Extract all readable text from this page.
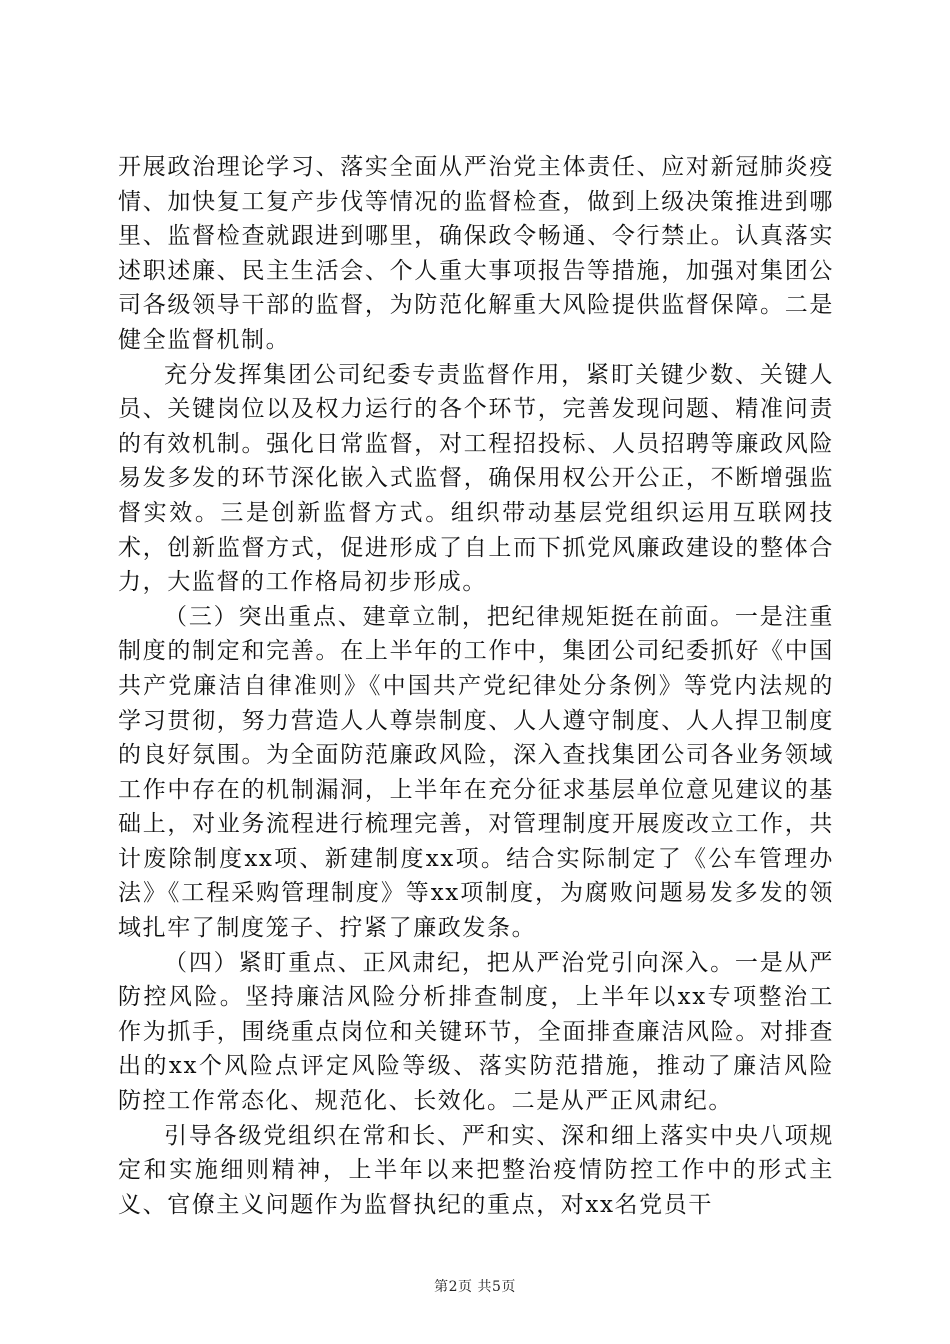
开展政治理论学习、落实全面从严治党主体责任、应对新冠肺炎疫情、加快复工复产步伐等情况的监督检查，做到上级决策推进到哪里、监督检查就跟进到哪里，确保政令畅通、令行禁止。认真落实述职述廉、民主生活会、个人重大事项报告等措施，加强对集团公司各级领导干部的监督，为防范化解重大风险提供监督保障。二是健全监督机制。

充分发挥集团公司纪委专责监督作用，紧盯关键少数、关键人员、关键岗位以及权力运行的各个环节，完善发现问题、精准问责的有效机制。强化日常监督，对工程招投标、人员招聘等廉政风险易发多发的环节深化嵌入式监督，确保用权公开公正，不断增强监督实效。三是创新监督方式。组织带动基层党组织运用互联网技术，创新监督方式，促进形成了自上而下抓党风廉政建设的整体合力，大监督的工作格局初步形成。

（三）突出重点、建章立制，把纪律规矩挺在前面。一是注重制度的制定和完善。在上半年的工作中，集团公司纪委抓好《中国共产党廉洁自律准则》《中国共产党纪律处分条例》等党内法规的学习贯彻，努力营造人人尊崇制度、人人遵守制度、人人捍卫制度的良好氛围。为全面防范廉政风险，深入查找集团公司各业务领域工作中存在的机制漏洞，上半年在充分征求基层单位意见建议的基础上，对业务流程进行梳理完善，对管理制度开展废改立工作，共计废除制度xx项、新建制度xx项。结合实际制定了《公车管理办法》《工程采购管理制度》等xx项制度，为腐败问题易发多发的领域扎牢了制度笼子、拧紧了廉政发条。

（四）紧盯重点、正风肃纪，把从严治党引向深入。一是从严防控风险。坚持廉洁风险分析排查制度，上半年以xx专项整治工作为抓手，围绕重点岗位和关键环节，全面排查廉洁风险。对排查出的xx个风险点评定风险等级、落实防范措施，推动了廉洁风险防控工作常态化、规范化、长效化。二是从严正风肃纪。

引导各级党组织在常和长、严和实、深和细上落实中央八项规定和实施细则精神，上半年以来把整治疫情防控工作中的形式主义、官僚主义问题作为监督执纪的重点，对xx名党员干

第2页 共5页
